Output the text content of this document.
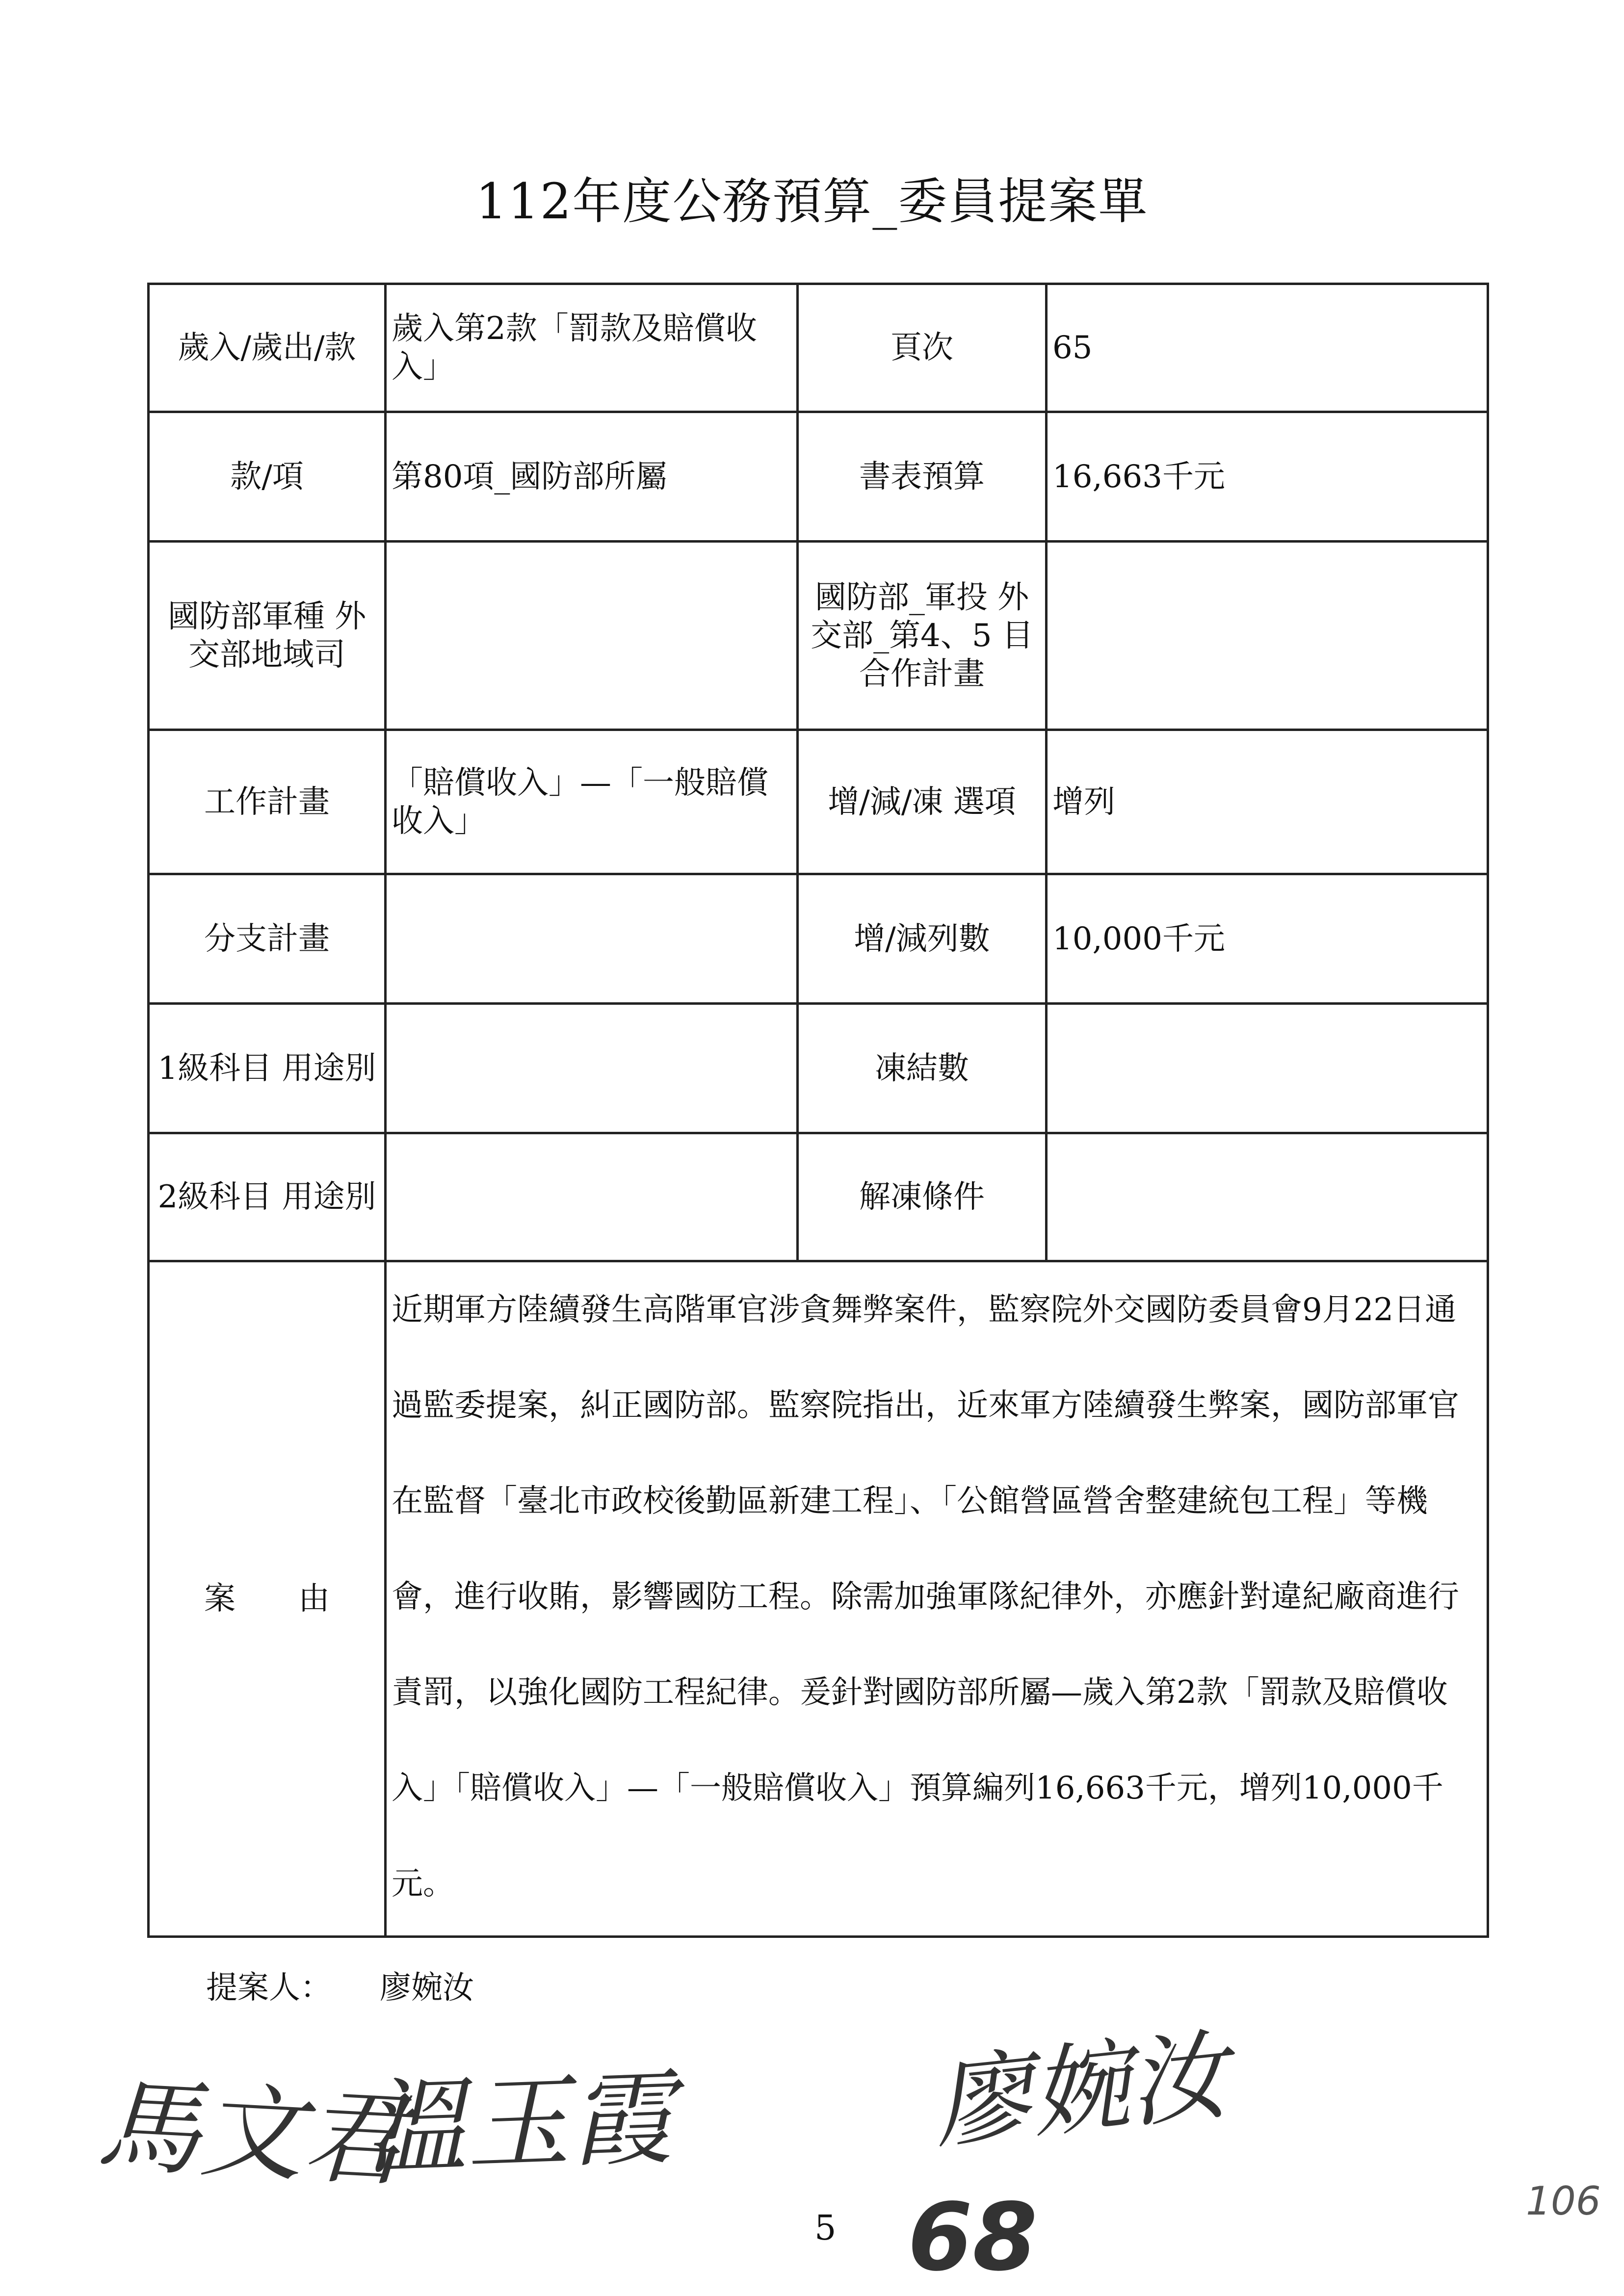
112年度公務預算_委員提案單
歲入/歲出/款	歲入第2款「罰款及賠償收入」	頁次	65
款/項	第80項_國防部所屬	書表預算	16,663千元
國防部軍種 外交部地域司		國防部_軍投 外交部_第4、5 目合作計畫	
工作計畫	「賠償收入」—「一般賠償收入」	增/減/凍 選項	增列
分支計畫		增/減列數	10,000千元
1級科目 用途別		凍結數	
2級科目 用途別		解凍條件	
案　　由	近期軍方陸續發生高階軍官涉貪舞弊案件，監察院外交國防委員會9月22日通過監委提案，糾正國防部。監察院指出，近來軍方陸續發生弊案，國防部軍官在監督「臺北市政校後勤區新建工程」、「公館營區營舍整建統包工程」等機會，進行收賄，影響國防工程。除需加強軍隊紀律外，亦應針對違紀廠商進行責罰，以強化國防工程紀律。爰針對國防部所屬—歲入第2款「罰款及賠償收入」「賠償收入」—「一般賠償收入」預算編列16,663千元，增列10,000千元。		
提案人： 廖婉汝
馬文君
溫玉霞	廖婉汝
5 68	106
